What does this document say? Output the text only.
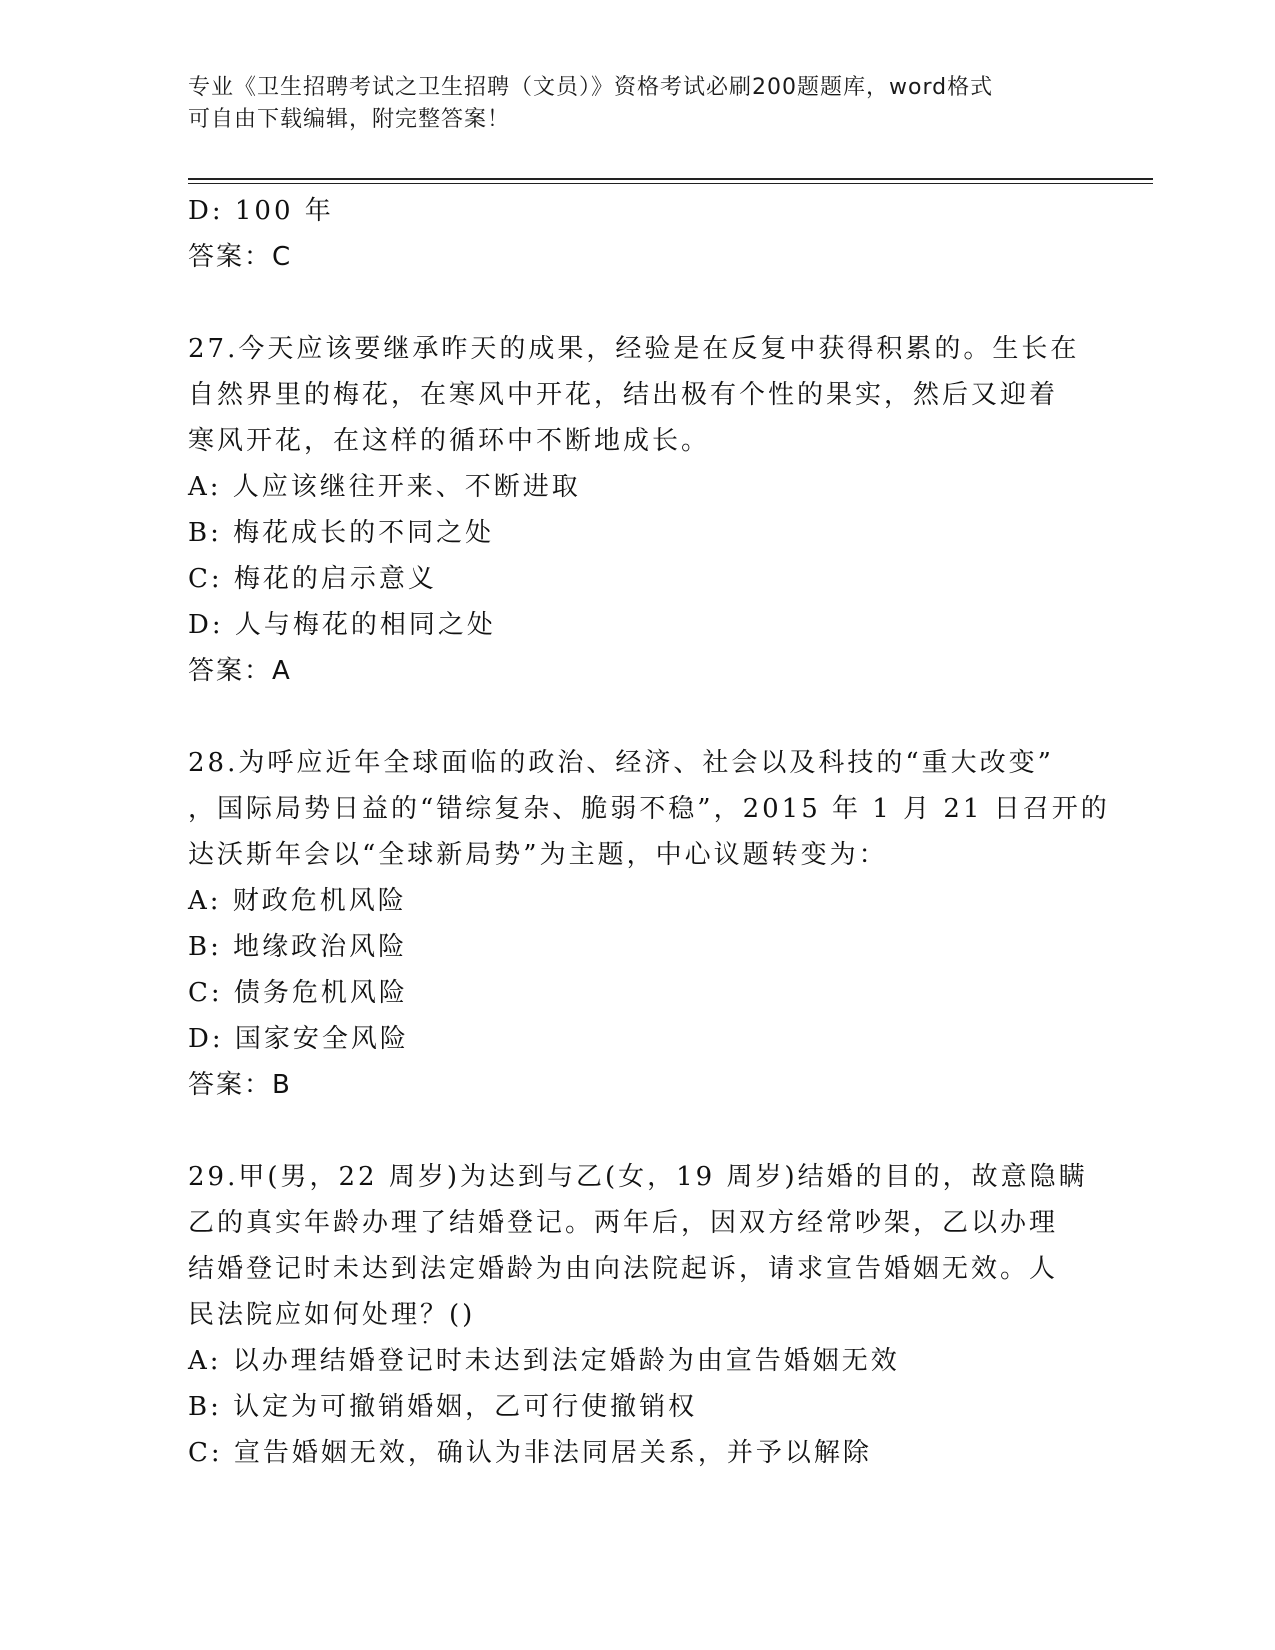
专业《卫生招聘考试之卫生招聘（文员）》资格考试必刷200题题库，word格式
可自由下载编辑，附完整答案！
D: 100 年
答案：C
27.今天应该要继承昨天的成果，经验是在反复中获得积累的。生长在
自然界里的梅花，在寒风中开花，结出极有个性的果实，然后又迎着
寒风开花，在这样的循环中不断地成长。
A: 人应该继往开来、不断进取
B: 梅花成长的不同之处
C: 梅花的启示意义
D: 人与梅花的相同之处
答案：A
28.为呼应近年全球面临的政治、经济、社会以及科技的“重大改变”
，国际局势日益的“错综复杂、脆弱不稳”，2015 年 1 月 21 日召开的
达沃斯年会以“全球新局势”为主题，中心议题转变为：
A: 财政危机风险
B: 地缘政治风险
C: 债务危机风险
D: 国家安全风险
答案：B
29.甲(男，22 周岁)为达到与乙(女，19 周岁)结婚的目的，故意隐瞒
乙的真实年龄办理了结婚登记。两年后，因双方经常吵架，乙以办理
结婚登记时未达到法定婚龄为由向法院起诉，请求宣告婚姻无效。人
民法院应如何处理？()
A: 以办理结婚登记时未达到法定婚龄为由宣告婚姻无效
B: 认定为可撤销婚姻，乙可行使撤销权
C: 宣告婚姻无效，确认为非法同居关系，并予以解除
